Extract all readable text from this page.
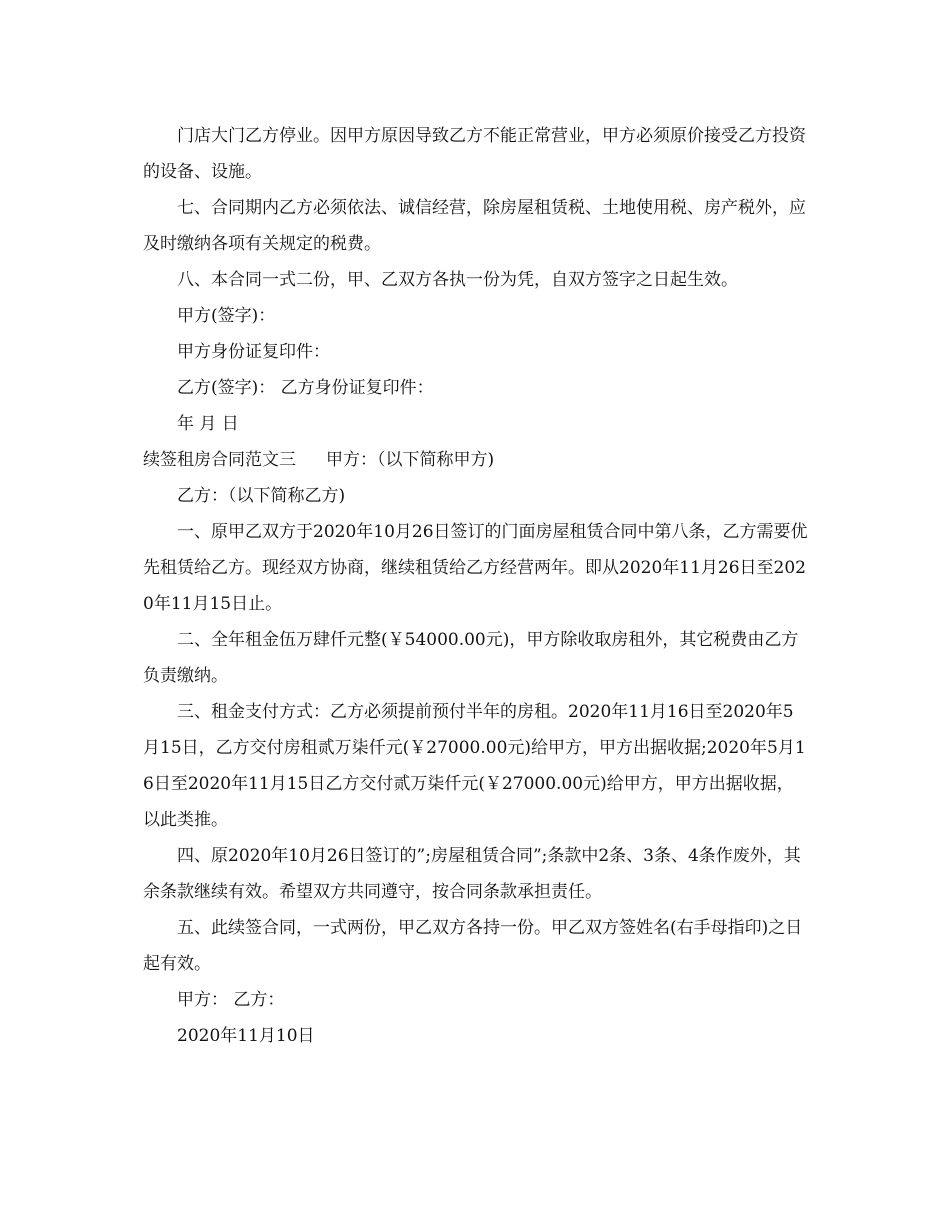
门店大门乙方停业。因甲方原因导致乙方不能正常营业，甲方必须原价接受乙方投资的设备、设施。

七、合同期内乙方必须依法、诚信经营，除房屋租赁税、土地使用税、房产税外，应及时缴纳各项有关规定的税费。

八、本合同一式二份，甲、乙双方各执一份为凭，自双方签字之日起生效。

甲方(签字)：

甲方身份证复印件：

乙方(签字)： 乙方身份证复印件：

年 月 日

续签租房合同范文三 甲方：（以下简称甲方)

乙方：（以下简称乙方)

一、原甲乙双方于2020年10月26日签订的门面房屋租赁合同中第八条，乙方需要优先租赁给乙方。现经双方协商，继续租赁给乙方经营两年。即从2020年11月26日至2020年11月15日止。

二、全年租金伍万肆仟元整(￥54000.00元)，甲方除收取房租外，其它税费由乙方负责缴纳。

三、租金支付方式：乙方必须提前预付半年的房租。2020年11月16日至2020年5月15日，乙方交付房租贰万柒仟元(￥27000.00元)给甲方，甲方出据收据;2020年5月16日至2020年11月15日乙方交付贰万柒仟元(￥27000.00元)给甲方，甲方出据收据，以此类推。

四、原2020年10月26日签订的”;房屋租赁合同”;条款中2条、3条、4条作废外，其余条款继续有效。希望双方共同遵守，按合同条款承担责任。

五、此续签合同，一式两份，甲乙双方各持一份。甲乙双方签姓名(右手母指印)之日起有效。

甲方： 乙方：

2020年11月10日
